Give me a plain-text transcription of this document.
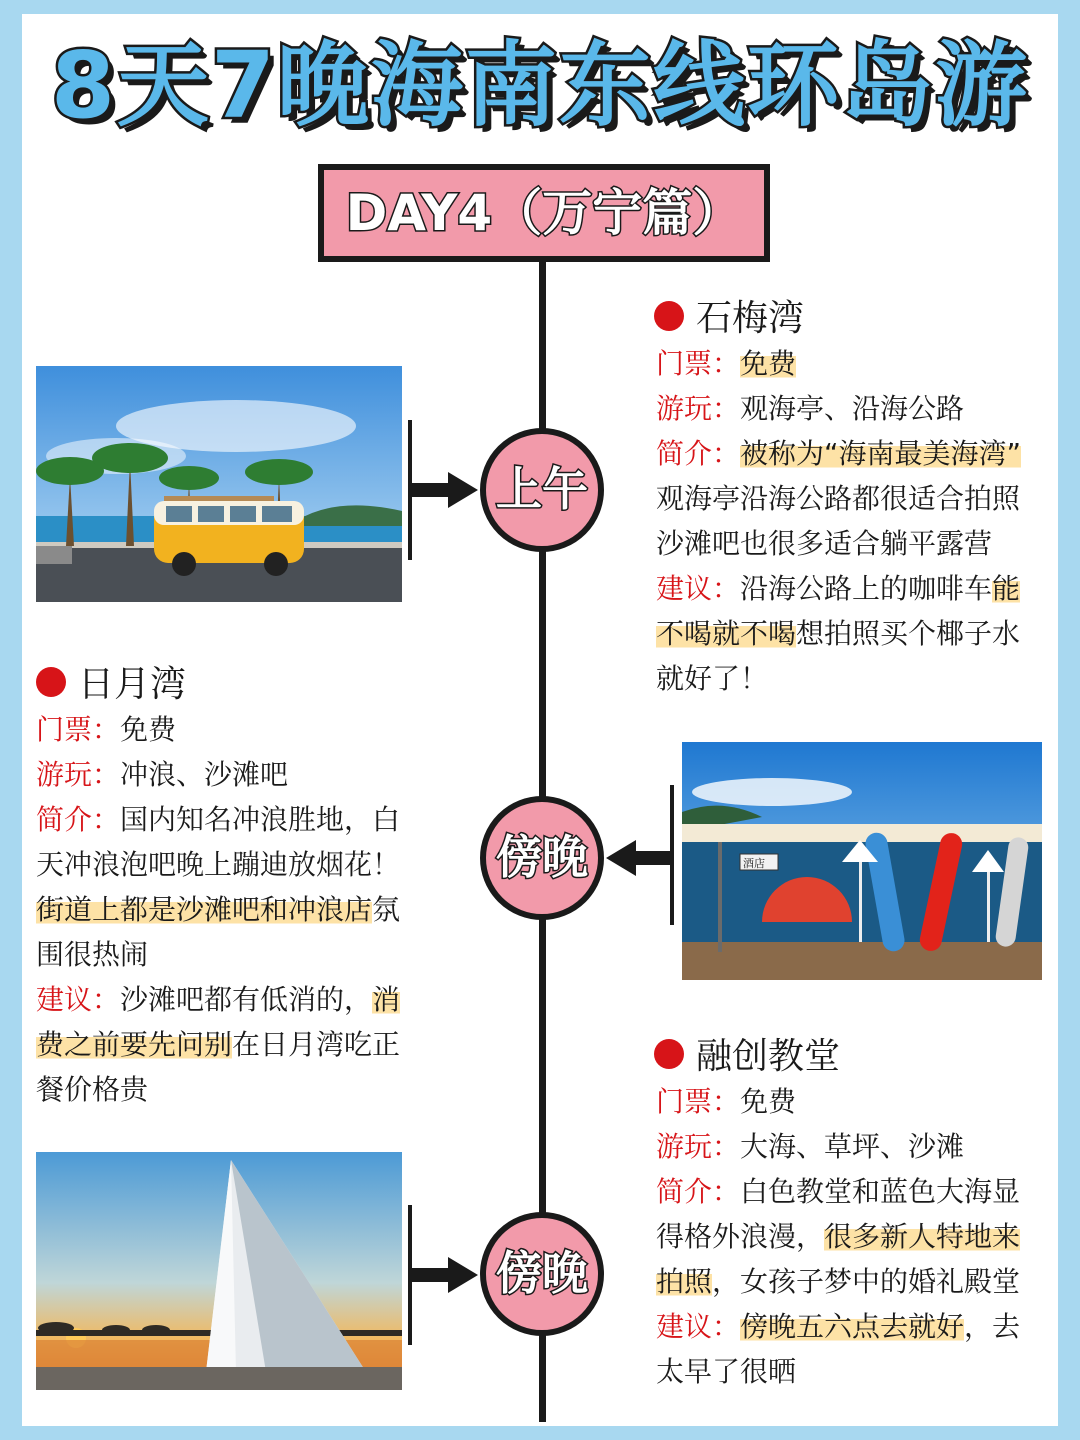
8天7晚海南东线环岛游
DAY4（万宁篇）
上午
傍晚
傍晚
酒店
石梅湾
门票：免费
游玩：观海亭、沿海公路
简介：被称为“海南最美海湾”
观海亭沿海公路都很适合拍照
沙滩吧也很多适合躺平露营
建议：沿海公路上的咖啡车能
不喝就不喝想拍照买个椰子水
就好了！
日月湾
门票：免费
游玩：冲浪、沙滩吧
简介：国内知名冲浪胜地，白
天冲浪泡吧晚上蹦迪放烟花！
街道上都是沙滩吧和冲浪店氛
围很热闹
建议：沙滩吧都有低消的，消
费之前要先问别在日月湾吃正
餐价格贵
融创教堂
门票：免费
游玩：大海、草坪、沙滩
简介：白色教堂和蓝色大海显
得格外浪漫，很多新人特地来
拍照，女孩子梦中的婚礼殿堂
建议：傍晚五六点去就好，去
太早了很晒
